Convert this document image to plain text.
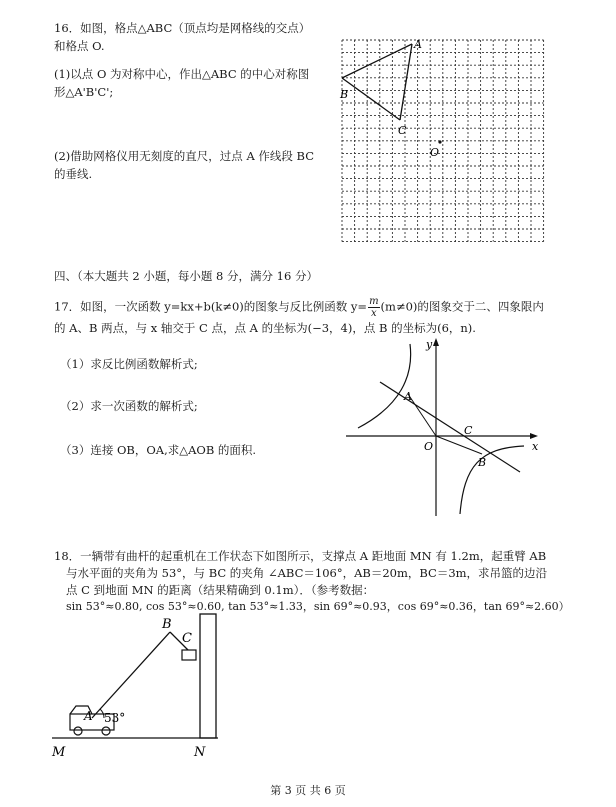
16．如图，格点△ABC（顶点均是网格线的交点）
和格点 O.
(1)以点 O 为对称中心，作出△ABC 的中心对称图
形△A'B'C';
(2)借助网格仪用无刻度的直尺，过点 A 作线段 BC
的垂线.
A
B
C
O
四、（本大题共 2 小题，每小题 8 分，满分 16 分）
17．如图，一次函数 y=kx+b(k≠0)的图象与反比例函数 $y= \frac{m}{x} (m\ne 0)$的图象交于二、四象限内
的 A、B 两点，与 x 轴交于 C 点，点 A 的坐标为(−3，4)，点 B 的坐标为(6，n).
（1）求反比例函数解析式;
（2）求一次函数的解析式;
（3）连接 OB，OA,求△AOB 的面积.
y
x
A
C
O
B
18．一辆带有曲杆的起重机在工作状态下如图所示，支撑点 A 距地面 MN 有 1.2m，起重臂 AB
与水平面的夹角为 53°，与 BC 的夹角 ∠ABC＝106°，AB＝20m，BC＝3m，求吊篮的边沿
点 C 到地面 MN 的距离（结果精确到 0.1m）．（参考数据：
sin 53°≈0.80, cos 53°≈0.60, tan 53°≈1.33，sin 69°≈0.93，cos 69°≈0.36，tan 69°≈2.60）
B
C
A 53°
M	N
第 3 页 共 6 页
